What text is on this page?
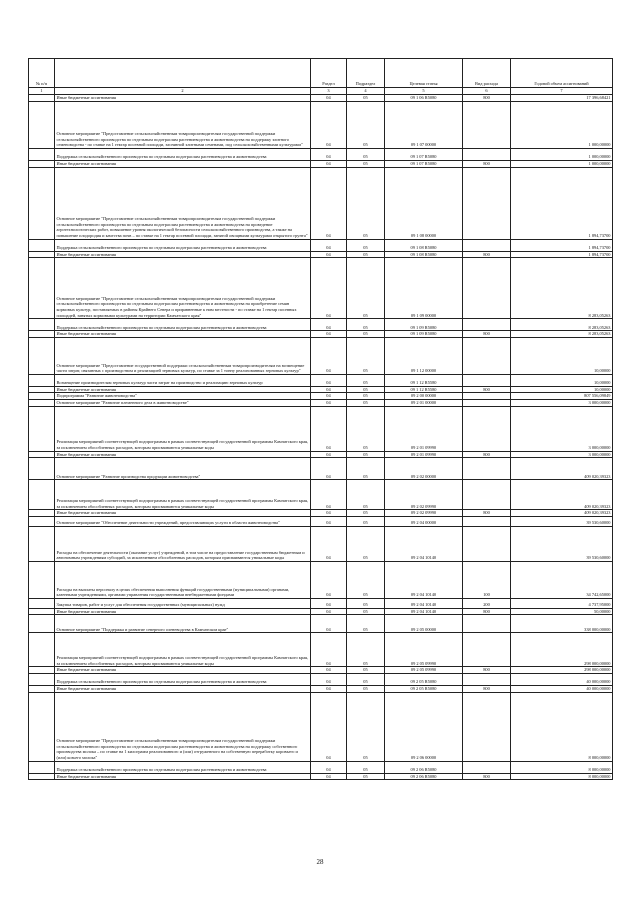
№ п/п		Раздел	Подраздел	Целевая статья	Вид расхода	Годовой объем ассигнований
1	2	3	4	5	6	7
	Иные бюджетные ассигнования	04	05	09 1 06 R5080	800	17 396,68421
	Основное мероприятие "Предоставление сельскохозяйственным товаропроизводителям государственной поддержки сельскохозяйственного производства по отдельным подотраслям растениеводства и животноводства на поддержку элитного семеноводства - по ставке на 1 гектар посевной площади, засеянной элитными семенами, под сельскохозяйственными культурами"	04	05	09 1 07 00000		1 000,00000
	Поддержка сельскохозяйственного производства по отдельным подотраслям растениеводства и животноводства	04	05	09 1 07 R5080		1 000,00000
	Иные бюджетные ассигнования	04	05	09 1 07 R5080	800	1 000,00000
	Основное мероприятие "Предоставление сельскохозяйственным товаропроизводителям государственной поддержки сельскохозяйственного производства по отдельным подотраслям растениеводства и животноводства на проведение агротехнологических работ, повышение уровня экологической безопасности сельскохозяйственного производства, а также на повышение плодородия и качества почв – по ставке на 1 гектар посевной площади, занятой овощными культурами открытого грунта"	04	05	09 1 08 00000		1 894,73700
	Поддержка сельскохозяйственного производства по отдельным подотраслям растениеводства и животноводства	04	05	09 1 08 R5080		1 894,73700
	Иные бюджетные ассигнования	04	05	09 1 08 R5080	800	1 894,73700
	Основное мероприятие "Предоставление сельскохозяйственным товаропроизводителям государственной поддержки сельскохозяйственного производства по отдельным подотраслям растениеводства и животноводства на приобретение семян кормовых культур, поставляемых в районы Крайнего Севера и приравненные к ним местности - по ставке на 1 гектар посевных площадей, занятых кормовыми культурами на территории Камчатского края"	04	05	09 1 09 00000		8 283,05263
	Поддержка сельскохозяйственного производства по отдельным подотраслям растениеводства и животноводства	04	05	09 1 09 R5080		8 283,05263
	Иные бюджетные ассигнования	04	05	09 1 09 R5080	800	8 283,05263
	Основное мероприятие "Предоставление государственной поддержки сельскохозяйственным товаропроизводителям на возмещение части затрат, связанных с производством и реализацией зерновых культур, по ставке за 1 тонну реализованных зерновых культур"	04	05	09 1 12 00000		10,00000
	Возмещение производителям зерновых культур части затрат на производство и реализацию зерновых культур	04	05	09 1 12 R5580		10,00000
	Иные бюджетные ассигнования	04	05	09 1 12 R5580	800	10,00000
	Подпрограмма "Развитие животноводства"	04	05	09 2 00 00000		807 556,09849
	Основное мероприятие "Развитие племенного дела в животноводстве"	04	05	09 2 01 00000		3 000,00000
	Реализация мероприятий соответствующей подпрограммы в рамках соответствующей государственной программы Камчатского края, за исключением обособленных расходов, которым присваиваются уникальные коды	04	05	09 2 01 09990		3 000,00000
	Иные бюджетные ассигнования	04	05	09 2 01 09990	800	3 000,00000
	Основное мероприятие "Развитие производства продукции животноводства"	04	05	09 2 02 00000		409 020,39323
	Реализация мероприятий соответствующей подпрограммы в рамках соответствующей государственной программы Камчатского края, за исключением обособленных расходов, которым присваиваются уникальные коды	04	05	09 2 02 09990		409 020,39323
	Иные бюджетные ассигнования	04	05	09 2 02 09990	800	409 020,39323
	Основное мероприятие "Обеспечение деятельности учреждений, предоставляющих услуги в области животноводства"	04	05	09 2 04 00000		39 530,60000
	Расходы на обеспечение деятельности (оказание услуг) учреждений, в том числе на предоставление государственным бюджетным и автономным учреждениям субсидий, за исключением обособленных расходов, которым присваиваются уникальные коды	04	05	09 2 04 10140		39 530,60000
	Расходы на выплаты персоналу в целях обеспечения выполнения функций государственными (муниципальными) органами, казенными учреждениями, органами управления государственными внебюджетными фондами	04	05	09 2 04 10140	100	34 742,65000
	Закупка товаров, работ и услуг для обеспечения государственных (муниципальных) нужд	04	05	09 2 04 10140	200	4 737,95000
	Иные бюджетные ассигнования	04	05	09 2 04 10140	800	50,00000
	Основное мероприятие "Поддержка и развитие северного оленеводства в Камчатском крае"	04	05	09 2 05 00000		338 000,00000
	Реализация мероприятий соответствующей подпрограммы в рамках соответствующей государственной программы Камчатского края, за исключением обособленных расходов, которым присваиваются уникальные коды	04	05	09 2 05 09990		298 000,00000
	Иные бюджетные ассигнования	04	05	09 2 05 09990	800	298 000,00000
	Поддержка сельскохозяйственного производства по отдельным подотраслям растениеводства и животноводства	04	05	09 2 05 R5080		40 000,00000
	Иные бюджетные ассигнования	04	05	09 2 05 R5080	800	40 000,00000
	Основное мероприятие "Предоставление сельскохозяйственным товаропроизводителям государственной поддержки сельскохозяйственного производства по отдельным подотраслям растениеводства и животноводства на поддержку собственного производства молока – по ставке на 1 килограмм реализованного и (или) отгруженного на собственную переработку коровьего и (или) козьего молока"	04	05	09 2 06 00000		8 000,00000
	Поддержка сельскохозяйственного производства по отдельным подотраслям растениеводства и животноводства	04	05	09 2 06 R5080		8 000,00000
	Иные бюджетные ассигнования	04	05	09 2 06 R5080	800	8 000,00000
28
